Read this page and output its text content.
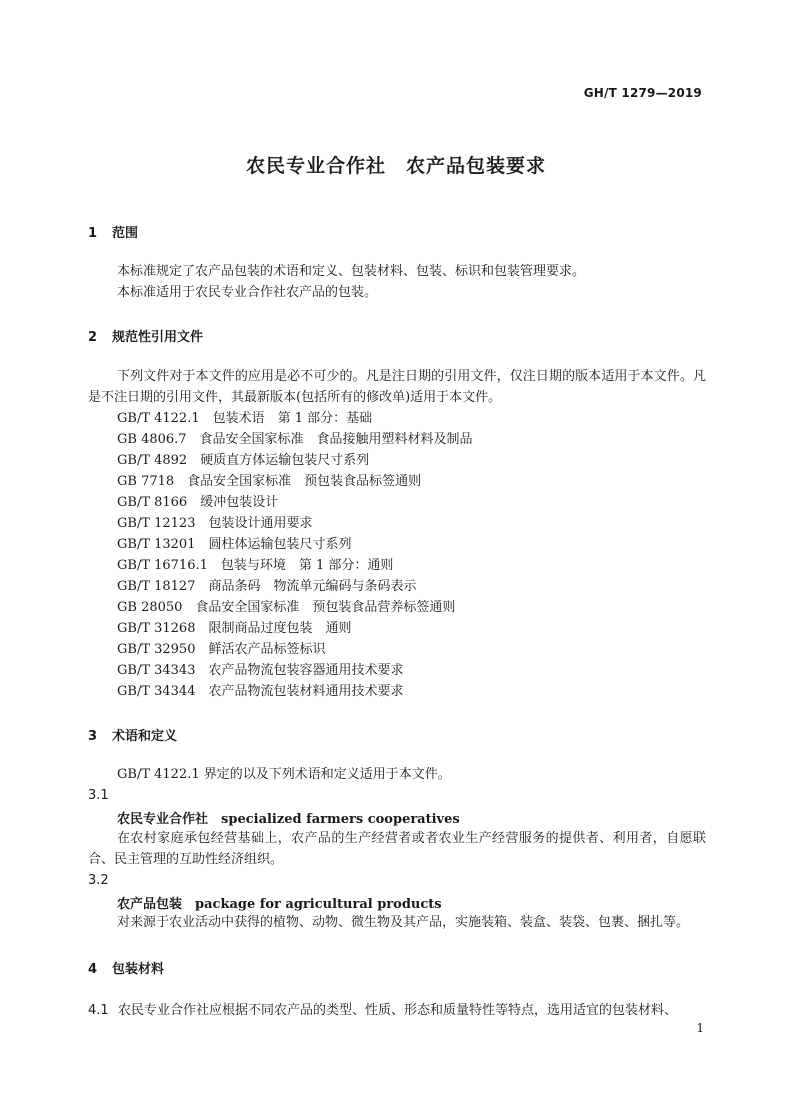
GH/T 1279—2019
农民专业合作社　农产品包装要求
1 范围
本标准规定了农产品包装的术语和定义、包装材料、包装、标识和包装管理要求。
本标准适用于农民专业合作社农产品的包装。
2 规范性引用文件
下列文件对于本文件的应用是必不可少的。凡是注日期的引用文件，仅注日期的版本适用于本文件。凡是不注日期的引用文件，其最新版本(包括所有的修改单)适用于本文件。
GB/T 4122.1　包装术语　第 1 部分：基础
GB 4806.7　食品安全国家标准　食品接触用塑料材料及制品
GB/T 4892　硬质直方体运输包装尺寸系列
GB 7718　食品安全国家标准　预包装食品标签通则
GB/T 8166　缓冲包装设计
GB/T 12123　包装设计通用要求
GB/T 13201　圆柱体运输包装尺寸系列
GB/T 16716.1　包装与环境　第 1 部分：通则
GB/T 18127　商品条码　物流单元编码与条码表示
GB 28050　食品安全国家标准　预包装食品营养标签通则
GB/T 31268　限制商品过度包装　通则
GB/T 32950　鲜活农产品标签标识
GB/T 34343　农产品物流包装容器通用技术要求
GB/T 34344　农产品物流包装材料通用技术要求
3 术语和定义
GB/T 4122.1 界定的以及下列术语和定义适用于本文件。
3.1
农民专业合作社　 specialized farmers cooperatives
在农村家庭承包经营基础上，农产品的生产经营者或者农业生产经营服务的提供者、利用者，自愿联合、民主管理的互助性经济组织。
3.2
农产品包装　 package for agricultural products
对来源于农业活动中获得的植物、动物、微生物及其产品，实施装箱、装盒、装袋、包裹、捆扎等。
4 包装材料
4.1 农民专业合作社应根据不同农产品的类型、性质、形态和质量特性等特点，选用适宜的包装材料、
1
